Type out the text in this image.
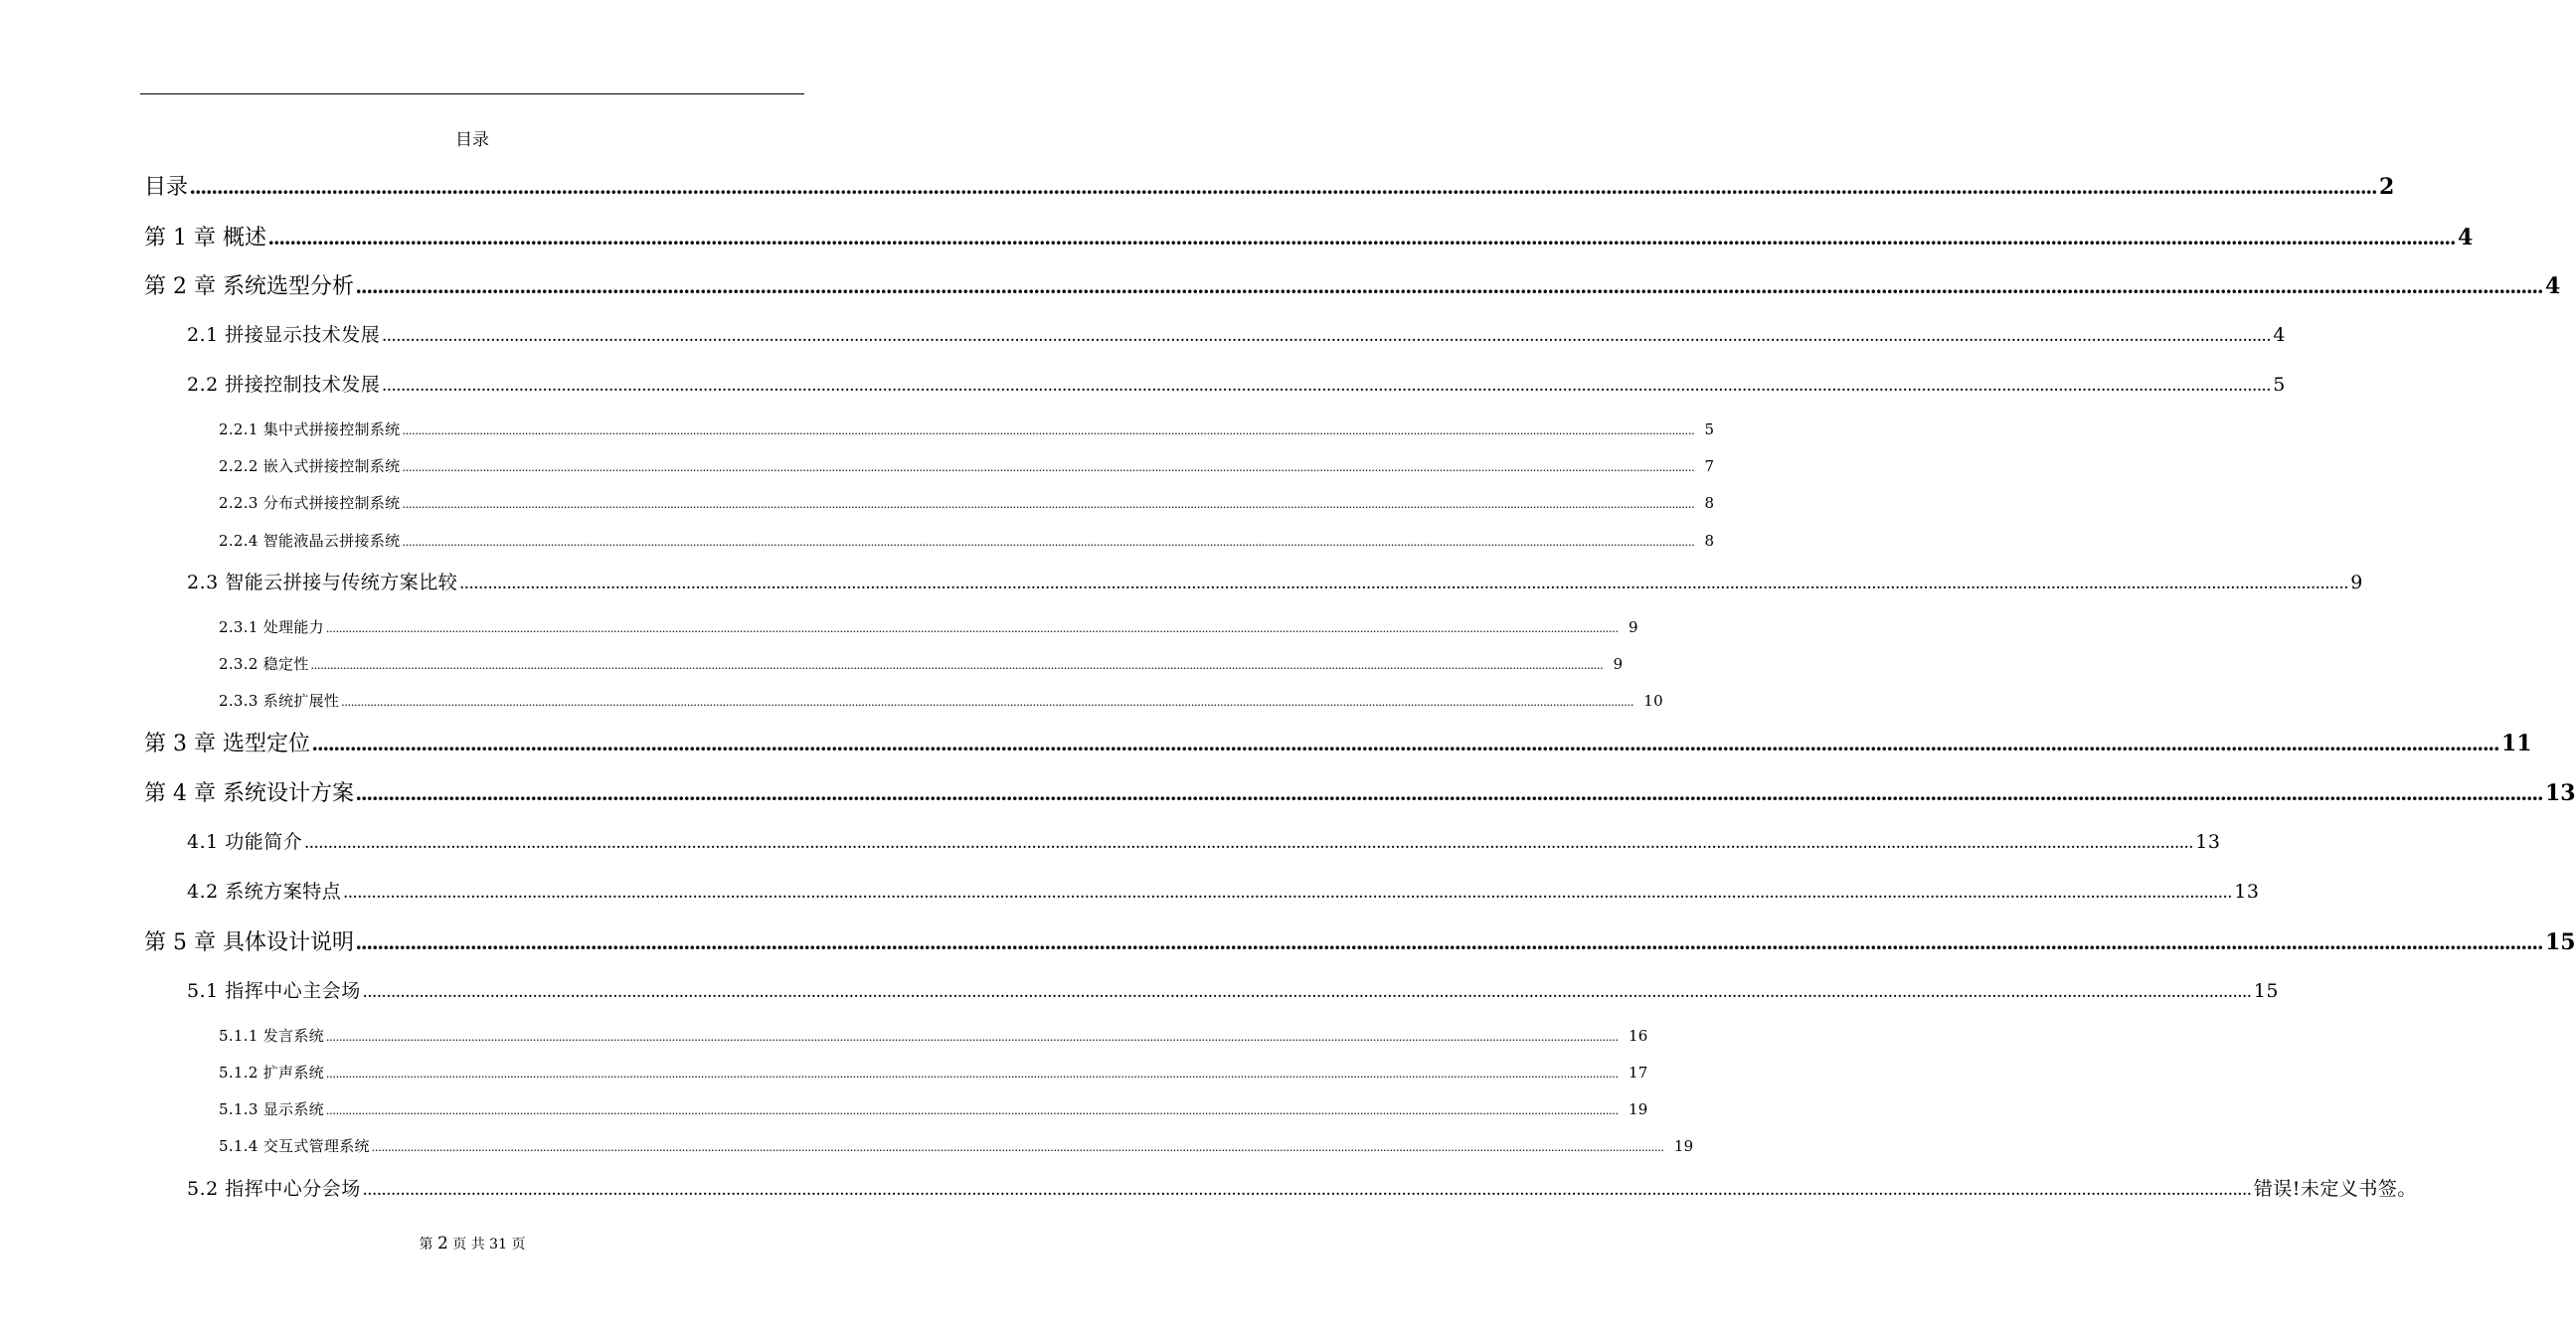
目录
目录 ................................................................................................................................................................................................................................................................................................................................................................................................................ 2
第 1 章 概述 ................................................................................................................................................................................................................................................................................................................................................................................................................ 4
第 2 章 系统选型分析 ................................................................................................................................................................................................................................................................................................................................................................................................................ 4
2.1 拼接显示技术发展 ................................................................................................................................................................................................................................................................................................................................................................................................................ 4
2.2 拼接控制技术发展 ................................................................................................................................................................................................................................................................................................................................................................................................................ 5
2.2.1 集中式拼接控制系统 ................................................................................................................................................................................................................................................................................................................................................................................................................ 5
2.2.2 嵌入式拼接控制系统 ................................................................................................................................................................................................................................................................................................................................................................................................................ 7
2.2.3 分布式拼接控制系统 ................................................................................................................................................................................................................................................................................................................................................................................................................ 8
2.2.4 智能液晶云拼接系统 ................................................................................................................................................................................................................................................................................................................................................................................................................ 8
2.3 智能云拼接与传统方案比较 ................................................................................................................................................................................................................................................................................................................................................................................................................ 9
2.3.1 处理能力 ................................................................................................................................................................................................................................................................................................................................................................................................................ 9
2.3.2 稳定性 ................................................................................................................................................................................................................................................................................................................................................................................................................ 9
2.3.3 系统扩展性 ................................................................................................................................................................................................................................................................................................................................................................................................................ 10
第 3 章 选型定位 ................................................................................................................................................................................................................................................................................................................................................................................................................ 11
第 4 章 系统设计方案 ................................................................................................................................................................................................................................................................................................................................................................................................................ 13
4.1 功能简介 ................................................................................................................................................................................................................................................................................................................................................................................................................ 13
4.2 系统方案特点 ................................................................................................................................................................................................................................................................................................................................................................................................................ 13
第 5 章 具体设计说明 ................................................................................................................................................................................................................................................................................................................................................................................................................ 15
5.1 指挥中心主会场 ................................................................................................................................................................................................................................................................................................................................................................................................................ 15
5.1.1 发言系统 ................................................................................................................................................................................................................................................................................................................................................................................................................ 16
5.1.2 扩声系统 ................................................................................................................................................................................................................................................................................................................................................................................................................ 17
5.1.3 显示系统 ................................................................................................................................................................................................................................................................................................................................................................................................................ 19
5.1.4 交互式管理系统 ................................................................................................................................................................................................................................................................................................................................................................................................................ 19
5.2 指挥中心分会场 ................................................................................................................................................................................................................................................................................................................................................................................................................ 错误!未定义书签。
第 2 页 共 31 页
